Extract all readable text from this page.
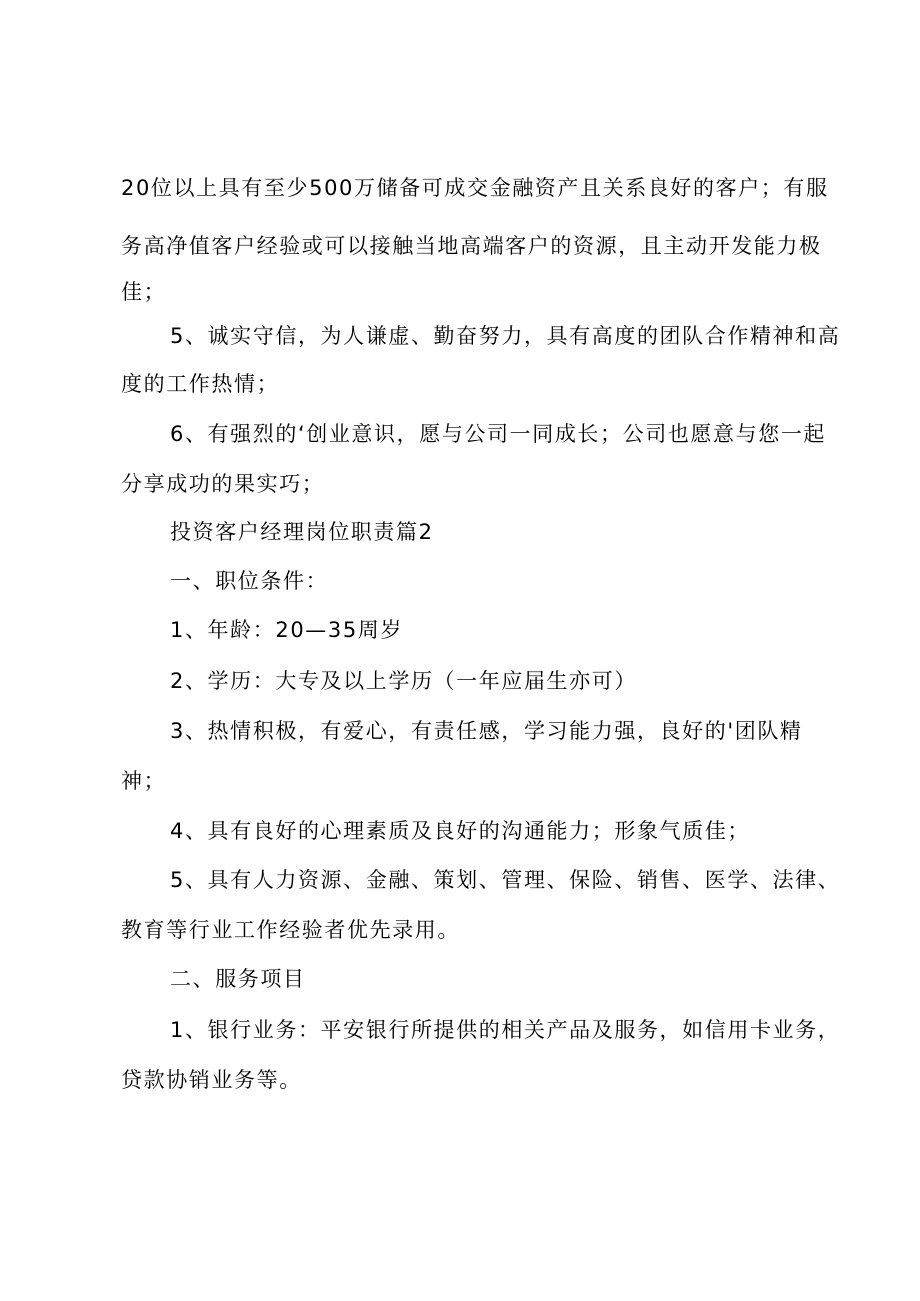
20位以上具有至少500万储备可成交金融资产且关系良好的客户；有服
务高净值客户经验或可以接触当地高端客户的资源，且主动开发能力极
佳；
5、诚实守信，为人谦虚、勤奋努力，具有高度的团队合作精神和高
度的工作热情；
6、有强烈的‘创业意识，愿与公司一同成长；公司也愿意与您一起
分享成功的果实巧；
投资客户经理岗位职责篇2
一、职位条件：
1、年龄：20—35周岁
2、学历：大专及以上学历（一年应届生亦可）
3、热情积极，有爱心，有责任感，学习能力强，良好的'团队精
神；
4、具有良好的心理素质及良好的沟通能力；形象气质佳；
5、具有人力资源、金融、策划、管理、保险、销售、医学、法律、
教育等行业工作经验者优先录用。
二、服务项目
1、银行业务：平安银行所提供的相关产品及服务，如信用卡业务，
贷款协销业务等。
